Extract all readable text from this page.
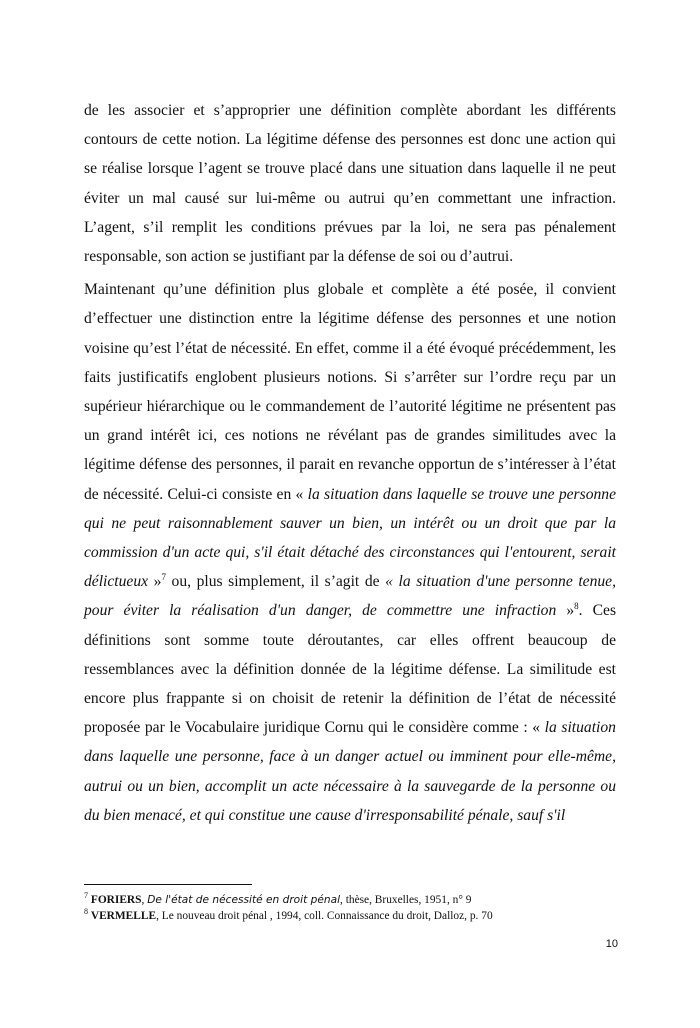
de les associer et s’approprier une définition complète abordant les différents contours de cette notion. La légitime défense des personnes est donc une action qui se réalise lorsque l’agent se trouve placé dans une situation dans laquelle il ne peut éviter un mal causé sur lui-même ou autrui qu’en commettant une infraction. L’agent, s’il remplit les conditions prévues par la loi, ne sera pas pénalement responsable, son action se justifiant par la défense de soi ou d’autrui.

Maintenant qu’une définition plus globale et complète a été posée, il convient d’effectuer une distinction entre la légitime défense des personnes et une notion voisine qu’est l’état de nécessité. En effet, comme il a été évoqué précédemment, les faits justificatifs englobent plusieurs notions. Si s’arrêter sur l’ordre reçu par un supérieur hiérarchique ou le commandement de l’autorité légitime ne présentent pas un grand intérêt ici, ces notions ne révélant pas de grandes similitudes avec la légitime défense des personnes, il parait en revanche opportun de s’intéresser à l’état de nécessité. Celui-ci consiste en « la situation dans laquelle se trouve une personne qui ne peut raisonnablement sauver un bien, un intérêt ou un droit que par la commission d'un acte qui, s'il était détaché des circonstances qui l'entourent, serait délictueux »$^7$ ou, plus simplement, il s’agit de « la situation d'une personne tenue, pour éviter la réalisation d'un danger, de commettre une infraction »$^8$. Ces définitions sont somme toute déroutantes, car elles offrent beaucoup de ressemblances avec la définition donnée de la légitime défense. La similitude est encore plus frappante si on choisit de retenir la définition de l’état de nécessité proposée par le Vocabulaire juridique Cornu qui le considère comme : « la situation dans laquelle une personne, face à un danger actuel ou imminent pour elle-même, autrui ou un bien, accomplit un acte nécessaire à la sauvegarde de la personne ou du bien menacé, et qui constitue une cause d'irresponsabilité pénale, sauf s'il

$^7$ FORIERS, De l'état de nécessité en droit pénal, thèse, Bruxelles, 1951, n° 9
$^8$ VERMELLE, Le nouveau droit pénal , 1994, coll. Connaissance du droit, Dalloz, p. 70
10
